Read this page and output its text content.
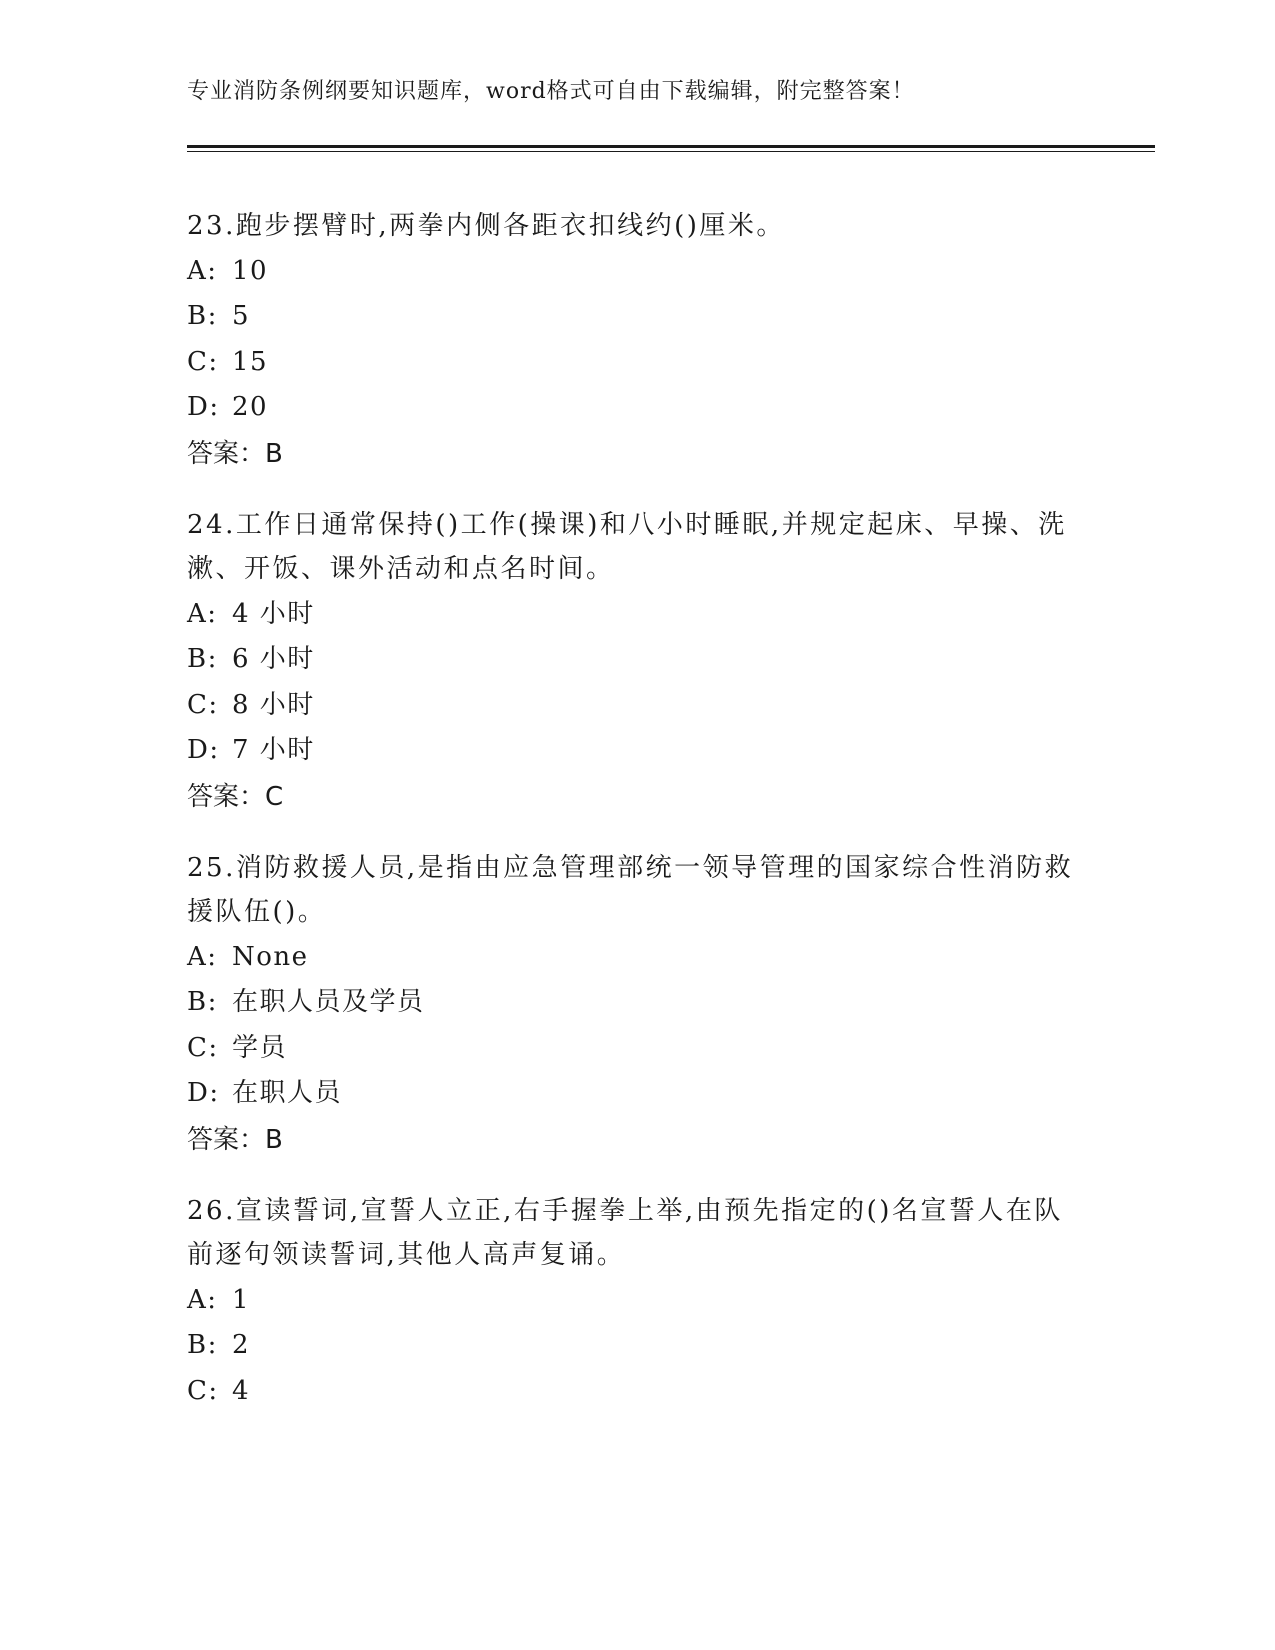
专业消防条例纲要知识题库，word格式可自由下载编辑，附完整答案！

23.跑步摆臂时,两拳内侧各距衣扣线约()厘米。

A: 10

B: 5

C: 15

D: 20

答案：B

24.工作日通常保持()工作(操课)和八小时睡眠,并规定起床、早操、洗漱、开饭、课外活动和点名时间。

A: 4 小时

B: 6 小时

C: 8 小时

D: 7 小时

答案：C

25.消防救援人员,是指由应急管理部统一领导管理的国家综合性消防救援队伍()。

A: None

B: 在职人员及学员

C: 学员

D: 在职人员

答案：B

26.宣读誓词,宣誓人立正,右手握拳上举,由预先指定的()名宣誓人在队前逐句领读誓词,其他人高声复诵。

A: 1

B: 2

C: 4
